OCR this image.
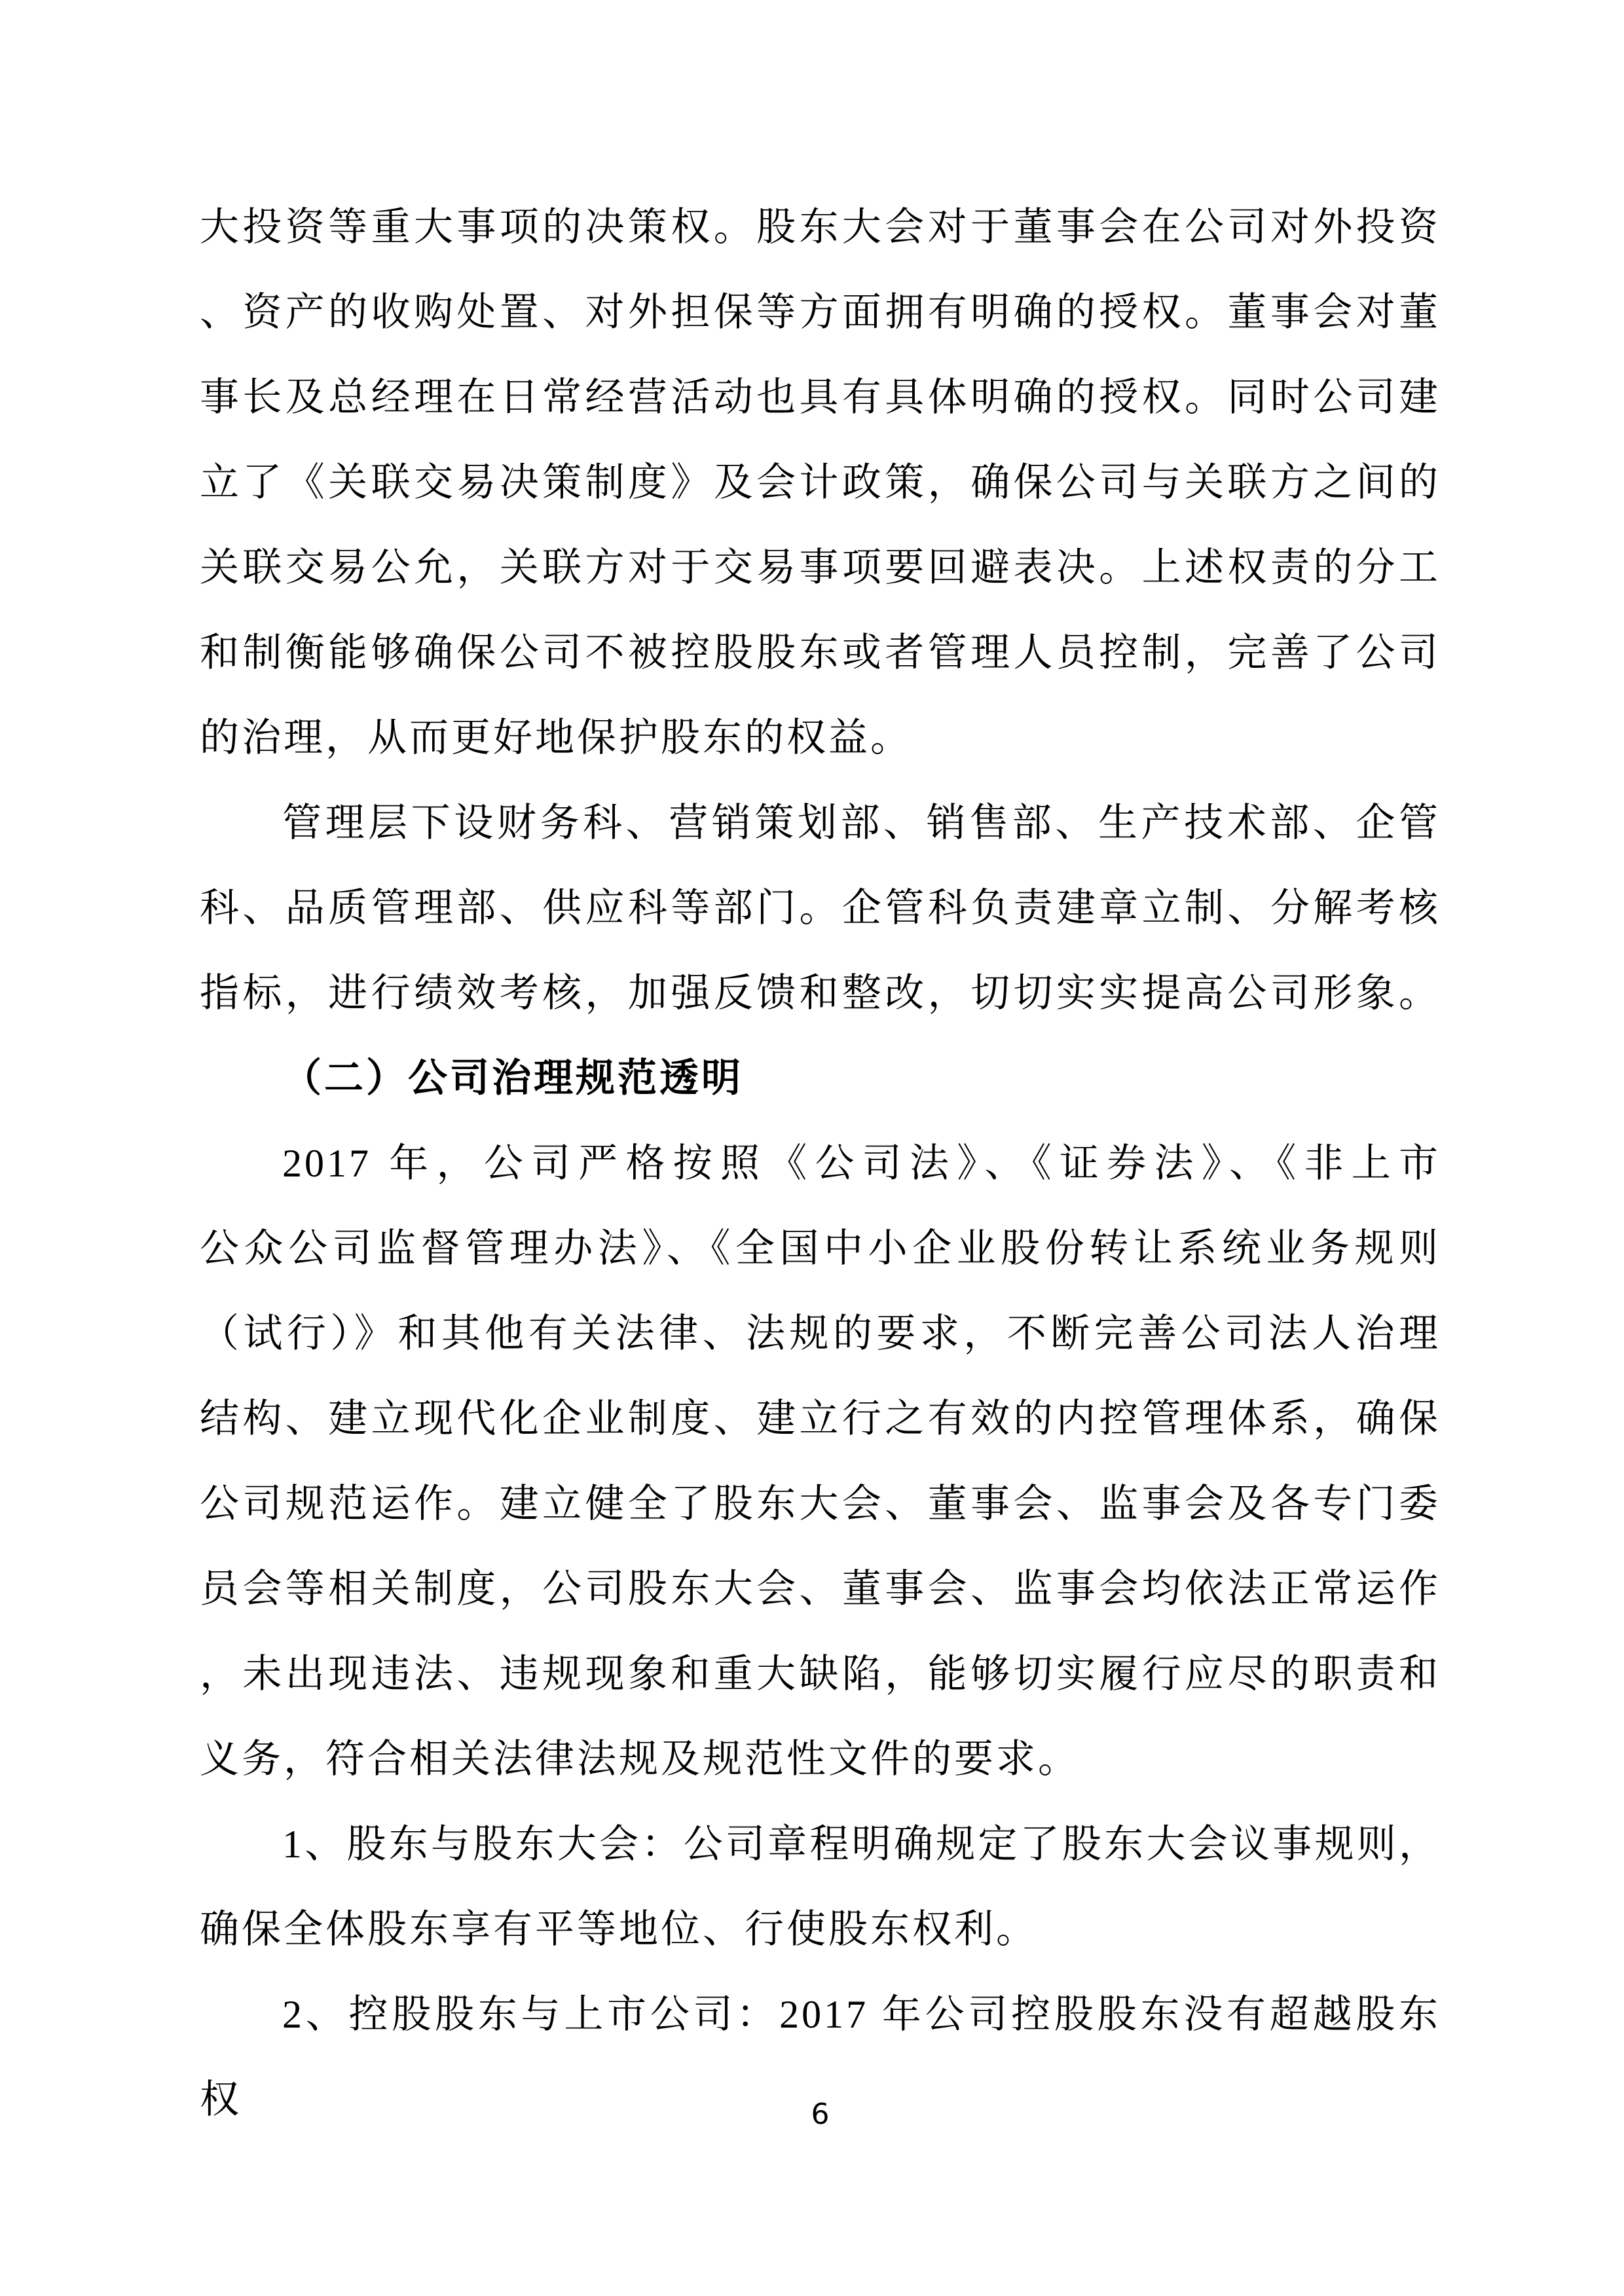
大投资等重大事项的决策权。股东大会对于董事会在公司对外投资
、资产的收购处置、对外担保等方面拥有明确的授权。董事会对董
事长及总经理在日常经营活动也具有具体明确的授权。同时公司建
立了《关联交易决策制度》及会计政策，确保公司与关联方之间的
关联交易公允，关联方对于交易事项要回避表决。上述权责的分工
和制衡能够确保公司不被控股股东或者管理人员控制，完善了公司
的治理，从而更好地保护股东的权益。
管理层下设财务科、营销策划部、销售部、生产技术部、企管
科、品质管理部、供应科等部门。企管科负责建章立制、分解考核
指标，进行绩效考核，加强反馈和整改，切切实实提高公司形象。
（二）公司治理规范透明
2017 年，公司严格按照《公司法》、《证券法》、《非上市
公众公司监督管理办法》、《全国中小企业股份转让系统业务规则
（试行）》和其他有关法律、法规的要求，不断完善公司法人治理
结构、建立现代化企业制度、建立行之有效的内控管理体系，确保
公司规范运作。建立健全了股东大会、董事会、监事会及各专门委
员会等相关制度，公司股东大会、董事会、监事会均依法正常运作
，未出现违法、违规现象和重大缺陷，能够切实履行应尽的职责和
义务，符合相关法律法规及规范性文件的要求。
1、股东与股东大会：公司章程明确规定了股东大会议事规则，
确保全体股东享有平等地位、行使股东权利。
2、控股股东与上市公司：2017 年公司控股股东没有超越股东权	6
